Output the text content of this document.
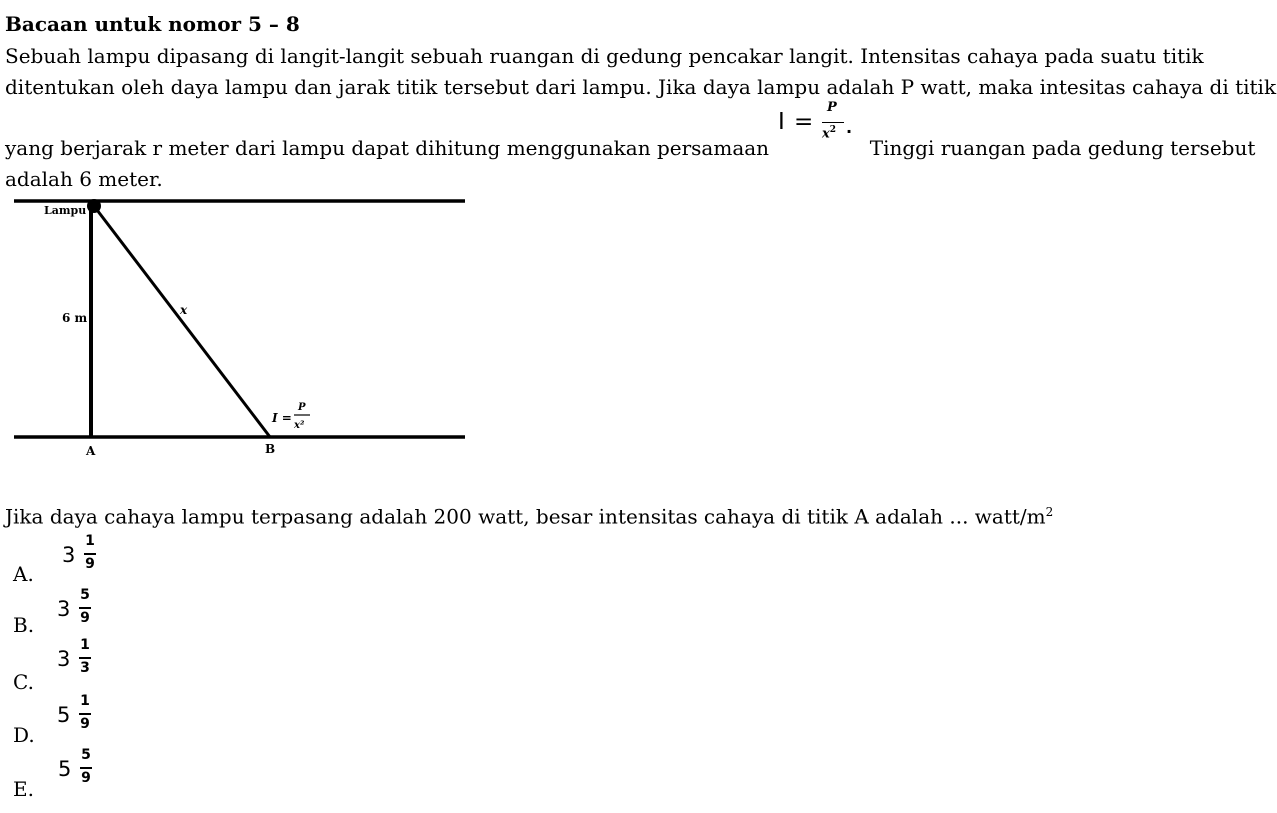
Bacaan untuk nomor 5 – 8
Sebuah lampu dipasang di langit-langit sebuah ruangan di gedung pencakar langit. Intensitas cahaya pada suatu titik
ditentukan oleh daya lampu dan jarak titik tersebut dari lampu. Jika daya lampu adalah P watt, maka intesitas cahaya di titik
yang berjarak r meter dari lampu dapat dihitung menggunakan persamaan	Tinggi ruangan pada gedung tersebut
adalah 6 meter.
I =
P
$x^2$ .
Lampu
6 m
x
A	B
I =
P
x²
Jika daya cahaya lampu terpasang adalah 200 watt, besar intensitas cahaya di titik A adalah ... watt/$m^2$
A.
3
1
9
B.
3
5
9
C.
3
1
3
D.
5
1
9
E.
5
5
9
